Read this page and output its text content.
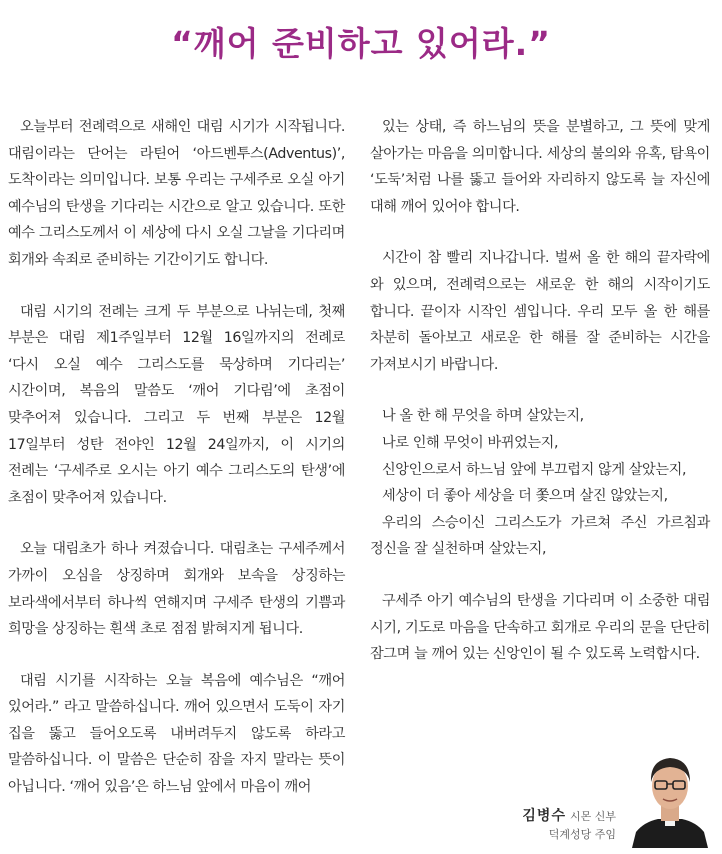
“깨어 준비하고 있어라.”

오늘부터 전례력으로 새해인 대림 시기가 시작됩니다. 대림이라는 단어는 라틴어 ‘아드벤투스(Adventus)’, 도착이라는 의미입니다. 보통 우리는 구세주로 오실 아기 예수님의 탄생을 기다리는 시간으로 알고 있습니다. 또한 예수 그리스도께서 이 세상에 다시 오실 그날을 기다리며 회개와 속죄로 준비하는 기간이기도 합니다.

대림 시기의 전례는 크게 두 부분으로 나뉘는데, 첫째 부분은 대림 제1주일부터 12월 16일까지의 전례로 ‘다시 오실 예수 그리스도를 묵상하며 기다리는’ 시간이며, 복음의 말씀도 ‘깨어 기다림’에 초점이 맞추어져 있습니다. 그리고 두 번째 부분은 12월 17일부터 성탄 전야인 12월 24일까지, 이 시기의 전례는 ‘구세주로 오시는 아기 예수 그리스도의 탄생’에 초점이 맞추어져 있습니다.

오늘 대림초가 하나 켜졌습니다. 대림초는 구세주께서 가까이 오심을 상징하며 회개와 보속을 상징하는 보라색에서부터 하나씩 연해지며 구세주 탄생의 기쁨과 희망을 상징하는 흰색 초로 점점 밝혀지게 됩니다.

대림 시기를 시작하는 오늘 복음에 예수님은 “깨어 있어라.” 라고 말씀하십니다. 깨어 있으면서 도둑이 자기 집을 뚫고 들어오도록 내버려두지 않도록 하라고 말씀하십니다. 이 말씀은 단순히 잠을 자지 말라는 뜻이 아닙니다. ‘깨어 있음’은 하느님 앞에서 마음이 깨어

있는 상태, 즉 하느님의 뜻을 분별하고, 그 뜻에 맞게 살아가는 마음을 의미합니다. 세상의 불의와 유혹, 탐욕이 ‘도둑’처럼 나를 뚫고 들어와 자리하지 않도록 늘 자신에 대해 깨어 있어야 합니다.

시간이 참 빨리 지나갑니다. 벌써 올 한 해의 끝자락에 와 있으며, 전례력으로는 새로운 한 해의 시작이기도 합니다. 끝이자 시작인 셈입니다. 우리 모두 올 한 해를 차분히 돌아보고 새로운 한 해를 잘 준비하는 시간을 가져보시기 바랍니다.

나 올 한 해 무엇을 하며 살았는지,

나로 인해 무엇이 바뀌었는지,

신앙인으로서 하느님 앞에 부끄럽지 않게 살았는지,

세상이 더 좋아 세상을 더 쫓으며 살진 않았는지,

우리의 스승이신 그리스도가 가르쳐 주신 가르침과 정신을 잘 실천하며 살았는지,

구세주 아기 예수님의 탄생을 기다리며 이 소중한 대림 시기, 기도로 마음을 단속하고 회개로 우리의 문을 단단히 잠그며 늘 깨어 있는 신앙인이 될 수 있도록 노력합시다.

김병수 시몬 신부
덕계성당 주임
